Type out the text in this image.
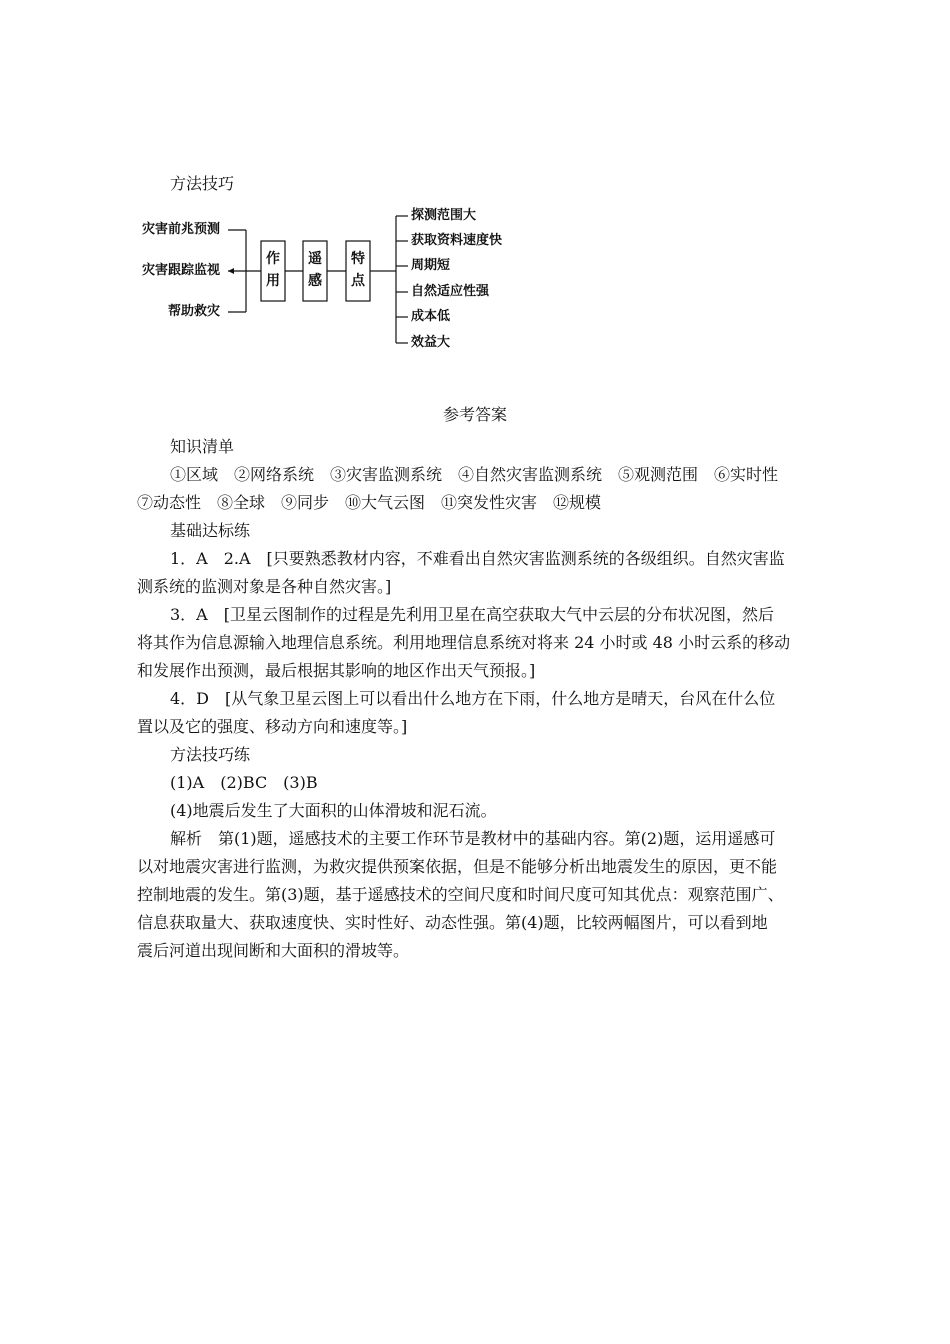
方法技巧
灾害前兆预测
灾害跟踪监视
帮助救灾
作
用
遥
感
特
点
探测范围大
获取资料速度快
周期短
自然适应性强
成本低
效益大
参考答案
知识清单
①区域　②网络系统　③灾害监测系统　④自然灾害监测系统　⑤观测范围　⑥实时性
⑦动态性　⑧全球　⑨同步　⑩大气云图　⑪突发性灾害　⑫规模
基础达标练
1．A　2.A　[只要熟悉教材内容，不难看出自然灾害监测系统的各级组织。自然灾害监
测系统的监测对象是各种自然灾害。]
3．A　[卫星云图制作的过程是先利用卫星在高空获取大气中云层的分布状况图，然后
将其作为信息源输入地理信息系统。利用地理信息系统对将来 24 小时或 48 小时云系的移动
和发展作出预测，最后根据其影响的地区作出天气预报。]
4．D　[从气象卫星云图上可以看出什么地方在下雨，什么地方是晴天，台风在什么位
置以及它的强度、移动方向和速度等。]
方法技巧练
(1)A　(2)BC　(3)B
(4)地震后发生了大面积的山体滑坡和泥石流。
解析　第(1)题，遥感技术的主要工作环节是教材中的基础内容。第(2)题，运用遥感可
以对地震灾害进行监测，为救灾提供预案依据，但是不能够分析出地震发生的原因，更不能
控制地震的发生。第(3)题，基于遥感技术的空间尺度和时间尺度可知其优点：观察范围广、
信息获取量大、获取速度快、实时性好、动态性强。第(4)题，比较两幅图片，可以看到地
震后河道出现间断和大面积的滑坡等。
